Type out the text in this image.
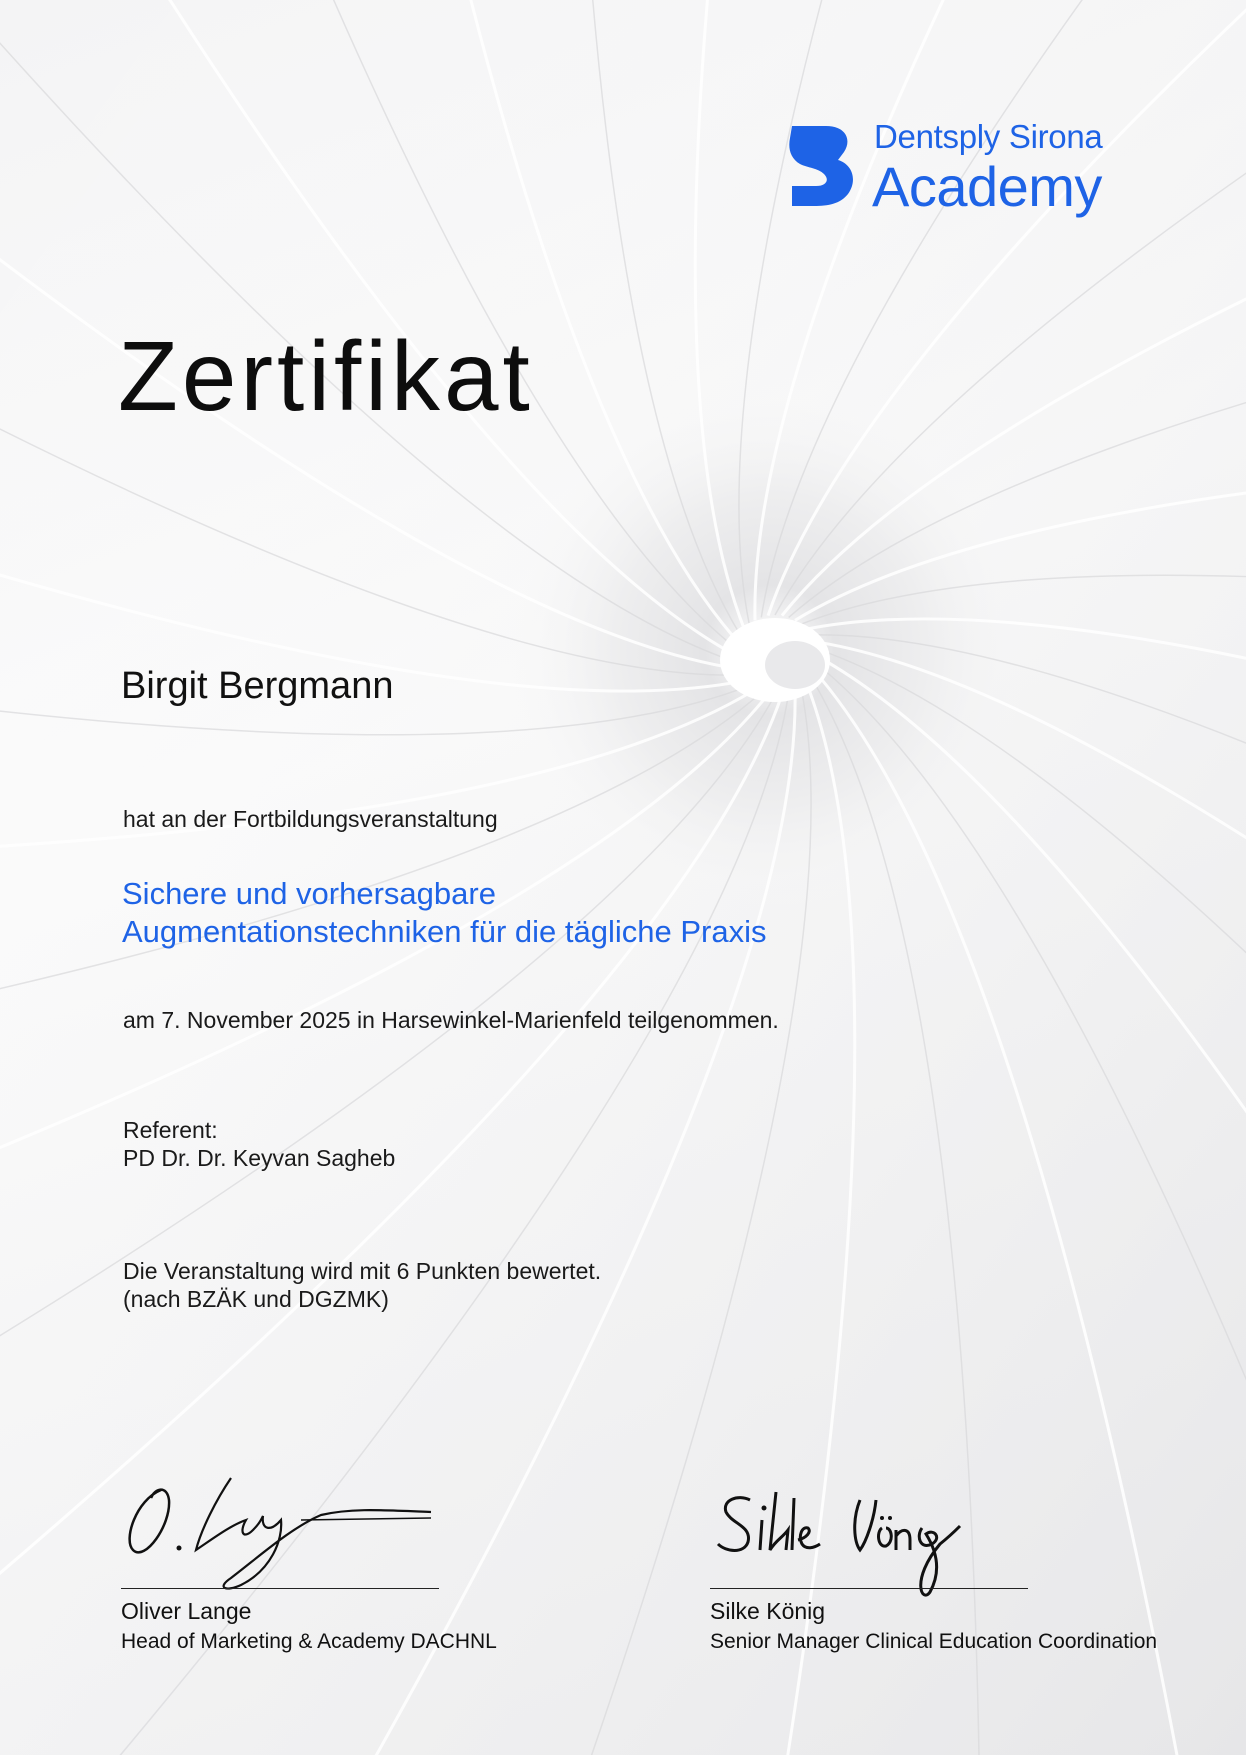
Dentsply Sirona
Academy
Zertifikat
Birgit Bergmann
hat an der Fortbildungsveranstaltung
Sichere und vorhersagbare
Augmentationstechniken für die tägliche Praxis
am 7. November 2025 in Harsewinkel-Marienfeld teilgenommen.
Referent:
PD Dr. Dr. Keyvan Sagheb
Die Veranstaltung wird mit 6 Punkten bewertet.
(nach BZÄK und DGZMK)
Oliver Lange
Head of Marketing & Academy DACHNL
Silke König
Senior Manager Clinical Education Coordination
